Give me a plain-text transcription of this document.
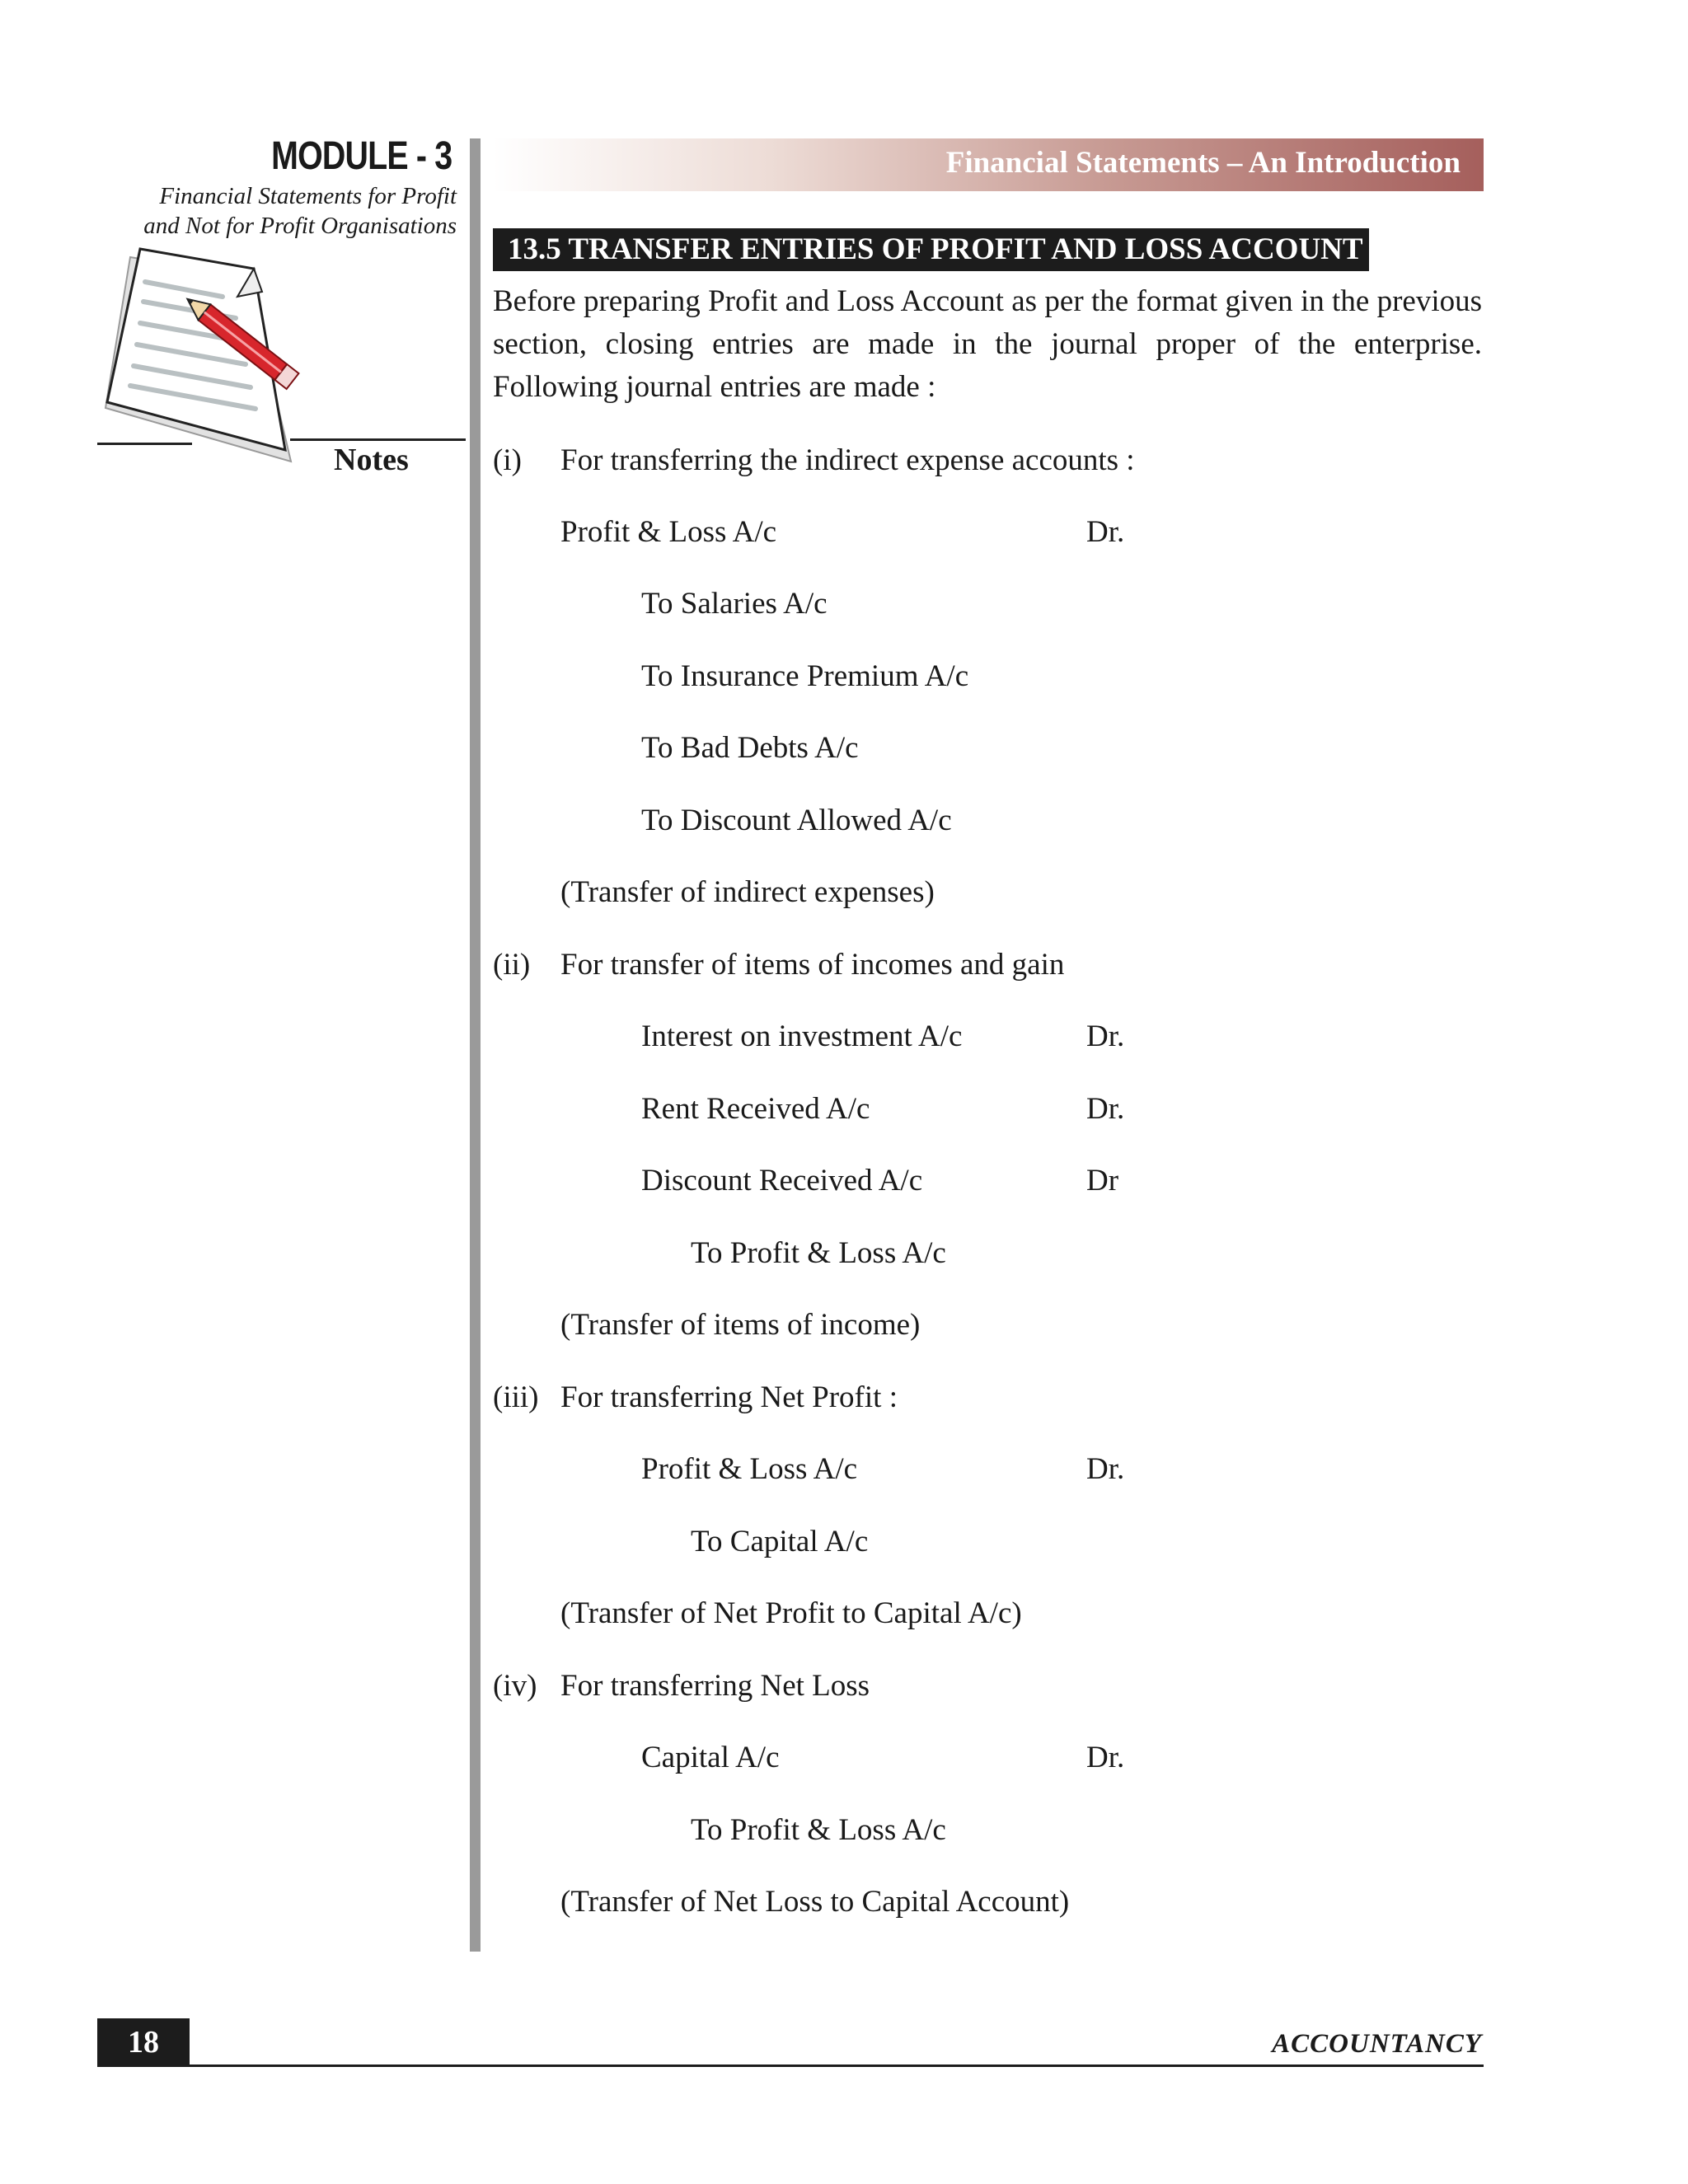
MODULE - 3
Financial Statements for Profit
and Not for Profit Organisations
Notes
Financial Statements – An Introduction
13.5 TRANSFER ENTRIES OF PROFIT AND LOSS ACCOUNT

Before preparing Profit and Loss Account as per the format given in the previous section, closing entries are made in the journal proper of the enterprise. Following journal entries are made :

(i) For transferring the indirect expense accounts :
Profit & Loss A/c	Dr.
To Salaries A/c
To Insurance Premium A/c
To Bad Debts A/c
To Discount Allowed A/c
(Transfer of indirect expenses)
(ii) For transfer of items of incomes and gain
Interest on investment A/c	Dr.
Rent Received A/c	Dr.
Discount Received A/c	Dr
To Profit & Loss A/c
(Transfer of items of income)
(iii) For transferring Net Profit :
Profit & Loss A/c	Dr.
To Capital A/c
(Transfer of Net Profit to Capital A/c)
(iv) For transferring Net Loss
Capital A/c	Dr.
To Profit & Loss A/c
(Transfer of Net Loss to Capital Account)
18	ACCOUNTANCY
